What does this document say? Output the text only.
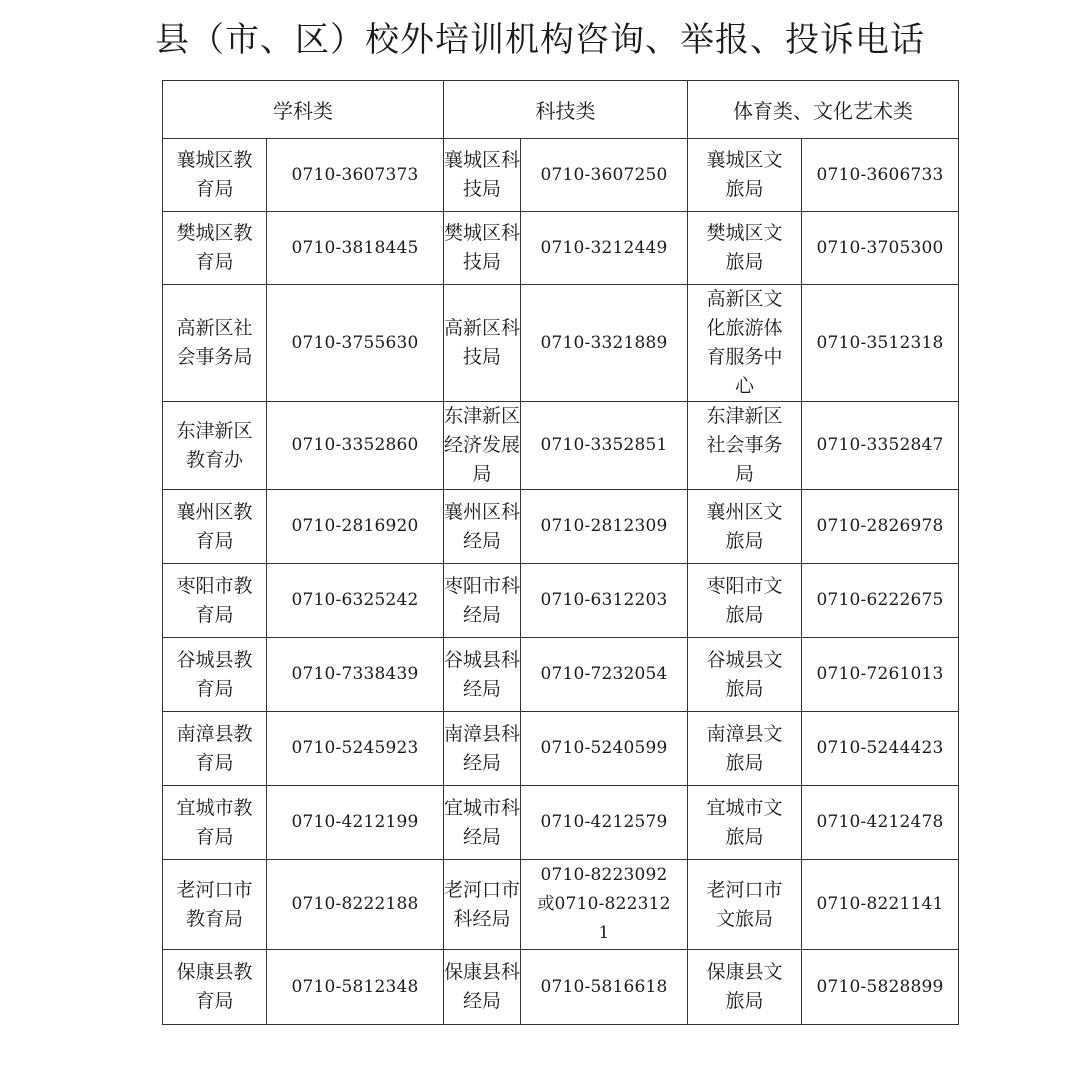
县（市、区）校外培训机构咨询、举报、投诉电话
学科类		科技类		体育类、文化艺术类	
襄城区教育局	0710-3607373	襄城区科技局	0710-3607250	襄城区文旅局	0710-3606733
樊城区教育局	0710-3818445	樊城区科技局	0710-3212449	樊城区文旅局	0710-3705300
高新区社会事务局	0710-3755630	高新区科技局	0710-3321889	高新区文化旅游体育服务中心	0710-3512318
东津新区教育办	0710-3352860	东津新区经济发展局	0710-3352851	东津新区社会事务局	0710-3352847
襄州区教育局	0710-2816920	襄州区科经局	0710-2812309	襄州区文旅局	0710-2826978
枣阳市教育局	0710-6325242	枣阳市科经局	0710-6312203	枣阳市文旅局	0710-6222675
谷城县教育局	0710-7338439	谷城县科经局	0710-7232054	谷城县文旅局	0710-7261013
南漳县教育局	0710-5245923	南漳县科经局	0710-5240599	南漳县文旅局	0710-5244423
宜城市教育局	0710-4212199	宜城市科经局	0710-4212579	宜城市文旅局	0710-4212478
老河口市教育局	0710-8222188	老河口市科经局	0710-8223092或0710-8223121	老河口市文旅局	0710-8221141
保康县教育局	0710-5812348	保康县科经局	0710-5816618	保康县文旅局	0710-5828899
